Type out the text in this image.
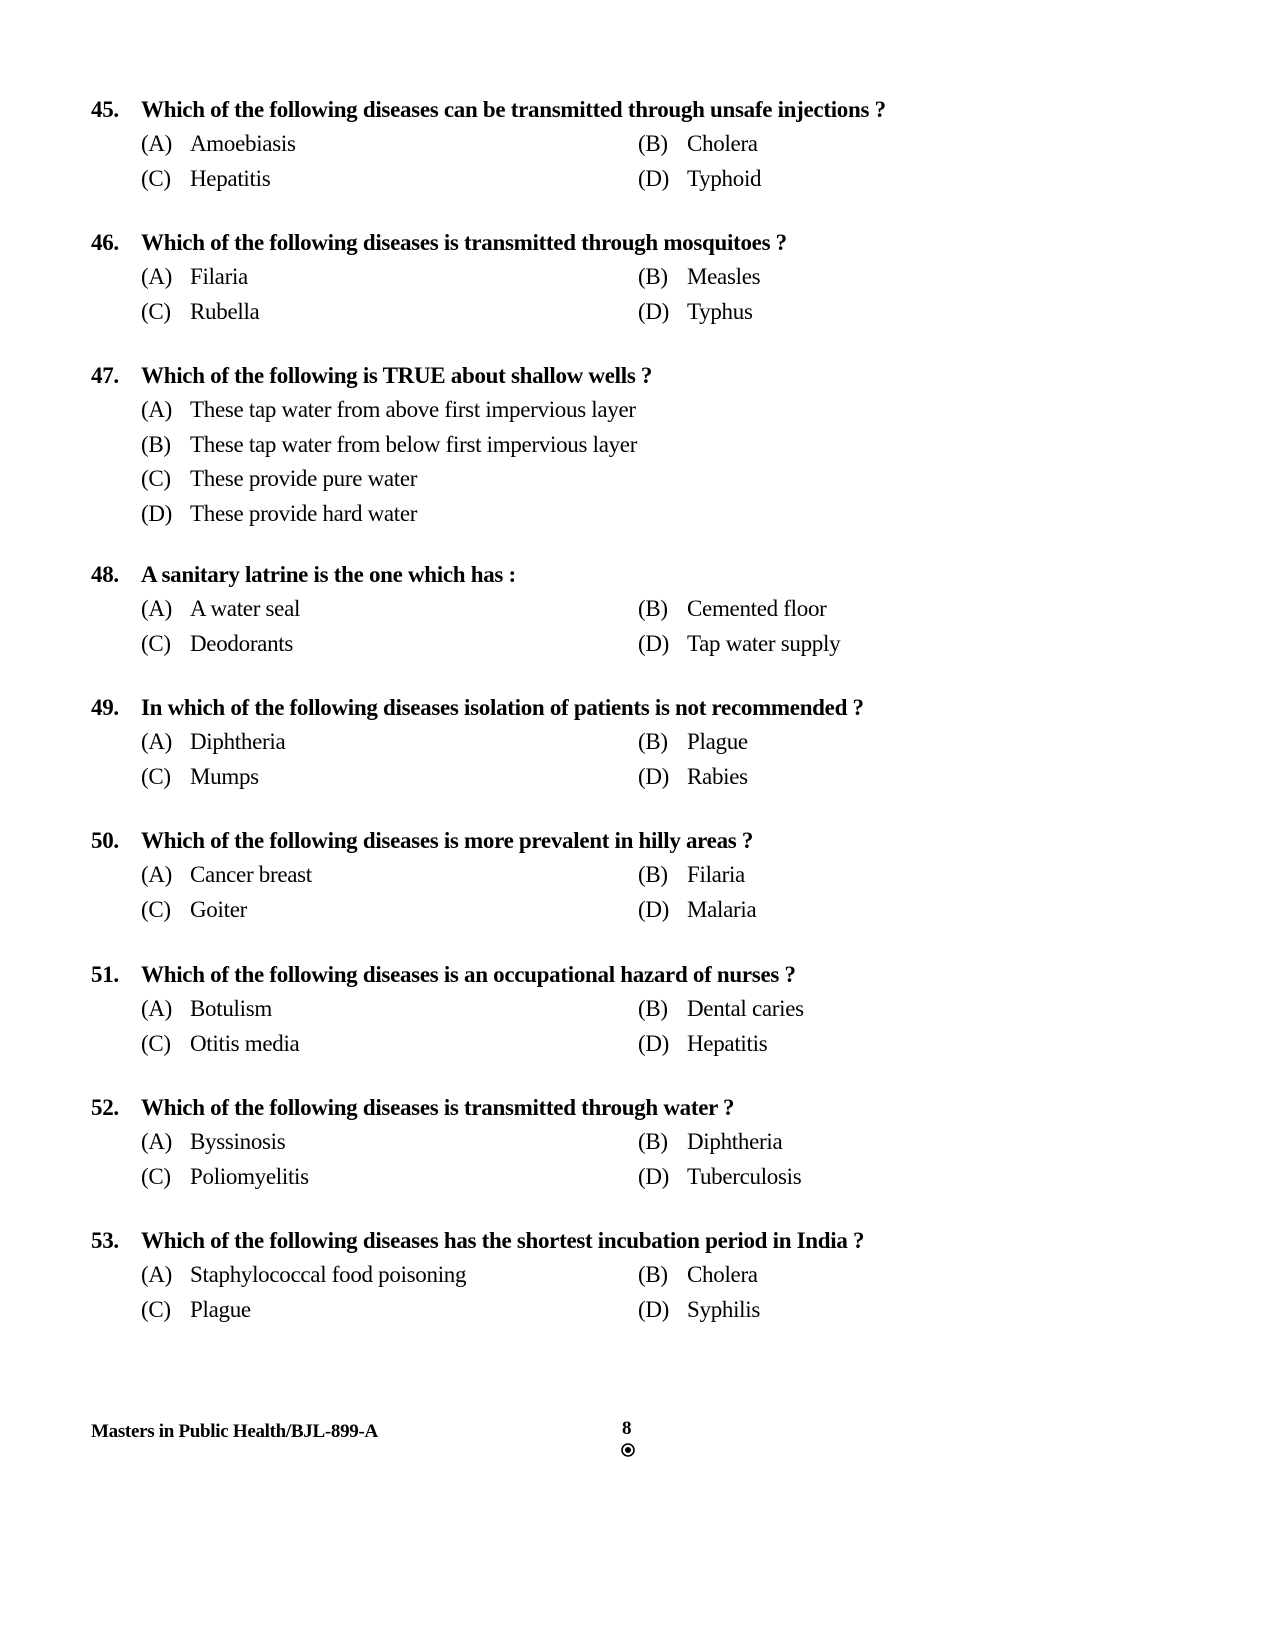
45. Which of the following diseases can be transmitted through unsafe injections ?
(A) Amoebiasis	(B) Cholera
(C) Hepatitis	(D) Typhoid
46. Which of the following diseases is transmitted through mosquitoes ?
(A) Filaria	(B) Measles
(C) Rubella	(D) Typhus
47. Which of the following is TRUE about shallow wells ?
(A) These tap water from above first impervious layer
(B) These tap water from below first impervious layer
(C) These provide pure water
(D) These provide hard water
48. A sanitary latrine is the one which has :
(A) A water seal	(B) Cemented floor
(C) Deodorants	(D) Tap water supply
49. In which of the following diseases isolation of patients is not recommended ?
(A) Diphtheria	(B) Plague
(C) Mumps	(D) Rabies
50. Which of the following diseases is more prevalent in hilly areas ?
(A) Cancer breast	(B) Filaria
(C) Goiter	(D) Malaria
51. Which of the following diseases is an occupational hazard of nurses ?
(A) Botulism	(B) Dental caries
(C) Otitis media	(D) Hepatitis
52. Which of the following diseases is transmitted through water ?
(A) Byssinosis	(B) Diphtheria
(C) Poliomyelitis	(D) Tuberculosis
53. Which of the following diseases has the shortest incubation period in India ?
(A) Staphylococcal food poisoning	(B) Cholera
(C) Plague	(D) Syphilis
Masters in Public Health/BJL-899-A	8
